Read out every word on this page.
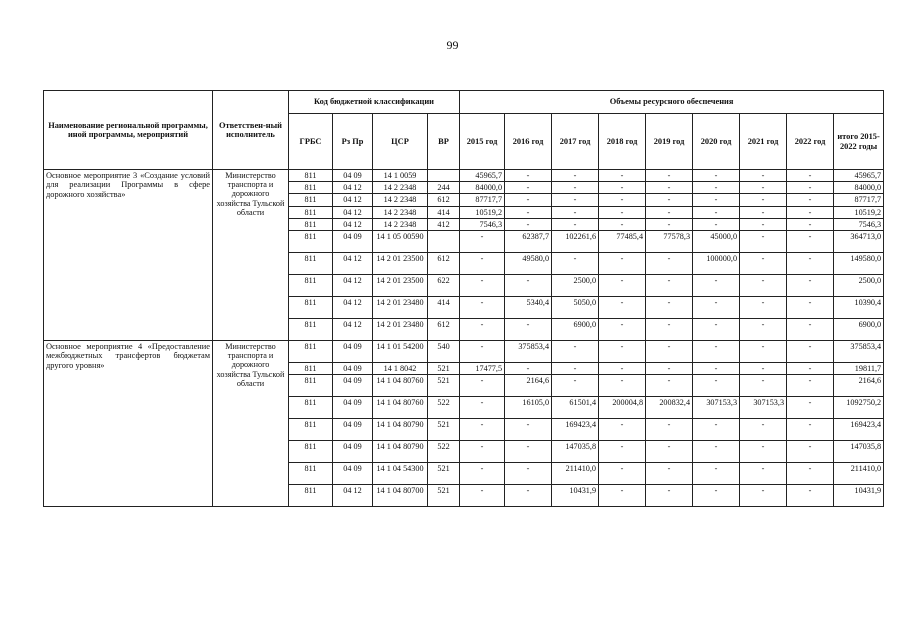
99
Наименование региональной программы, иной программы, мероприятий	Ответствен-ный исполнитель	Код бюджетной классификации				Объемы ресурсного обеспечения								
		ГРБС	Рз Пр	ЦСР	ВР	2015 год	2016 год	2017 год	2018 год	2019 год	2020 год	2021 год	2022 год	итого 2015-2022 годы
Основное мероприятие 3 «Создание условий для реализации Программы в сфере дорожного хозяйства»	Министерство транспорта и дорожного хозяйства Тульской области	811	04 09	14 1 0059		45965,7	-	-	-	-	-	-	-	45965,7
		811	04 12	14 2 2348	244	84000,0	-	-	-	-	-	-	-	84000,0
		811	04 12	14 2 2348	612	87717,7	-	-	-	-	-	-	-	87717,7
		811	04 12	14 2 2348	414	10519,2	-	-	-	-	-	-	-	10519,2
		811	04 12	14 2 2348	412	7546,3	-	-	-	-	-	-	-	7546,3
		811	04 09	14 1 05 00590		-	62387,7	102261,6	77485,4	77578,3	45000,0	-	-	364713,0
		811	04 12	14 2 01 23500	612	-	49580,0	-	-	-	100000,0	-	-	149580,0
		811	04 12	14 2 01 23500	622	-	-	2500,0	-	-	-	-	-	2500,0
		811	04 12	14 2 01 23480	414	-	5340,4	5050,0	-	-	-	-	-	10390,4
		811	04 12	14 2 01 23480	612	-	-	6900,0	-	-	-	-	-	6900,0
Основное мероприятие 4 «Предоставление межбюджетных трансфертов бюджетам другого уровня»	Министерство транспорта и дорожного хозяйства Тульской области	811	04 09	14 1 01 54200	540	-	375853,4	-	-	-	-	-	-	375853,4
		811	04 09	14 1 8042	521	17477,5	-	-	-	-	-	-	-	19811,7
		811	04 09	14 1 04 80760	521	-	2164,6	-	-	-	-	-	-	2164,6
		811	04 09	14 1 04 80760	522	-	16105,0	61501,4	200004,8	200832,4	307153,3	307153,3	-	1092750,2
		811	04 09	14 1 04 80790	521	-	-	169423,4	-	-	-	-	-	169423,4
		811	04 09	14 1 04 80790	522	-	-	147035,8	-	-	-	-	-	147035,8
		811	04 09	14 1 04 54300	521	-	-	211410,0	-	-	-	-	-	211410,0
		811	04 12	14 1 04 80700	521	-	-	10431,9	-	-	-	-	-	10431,9
